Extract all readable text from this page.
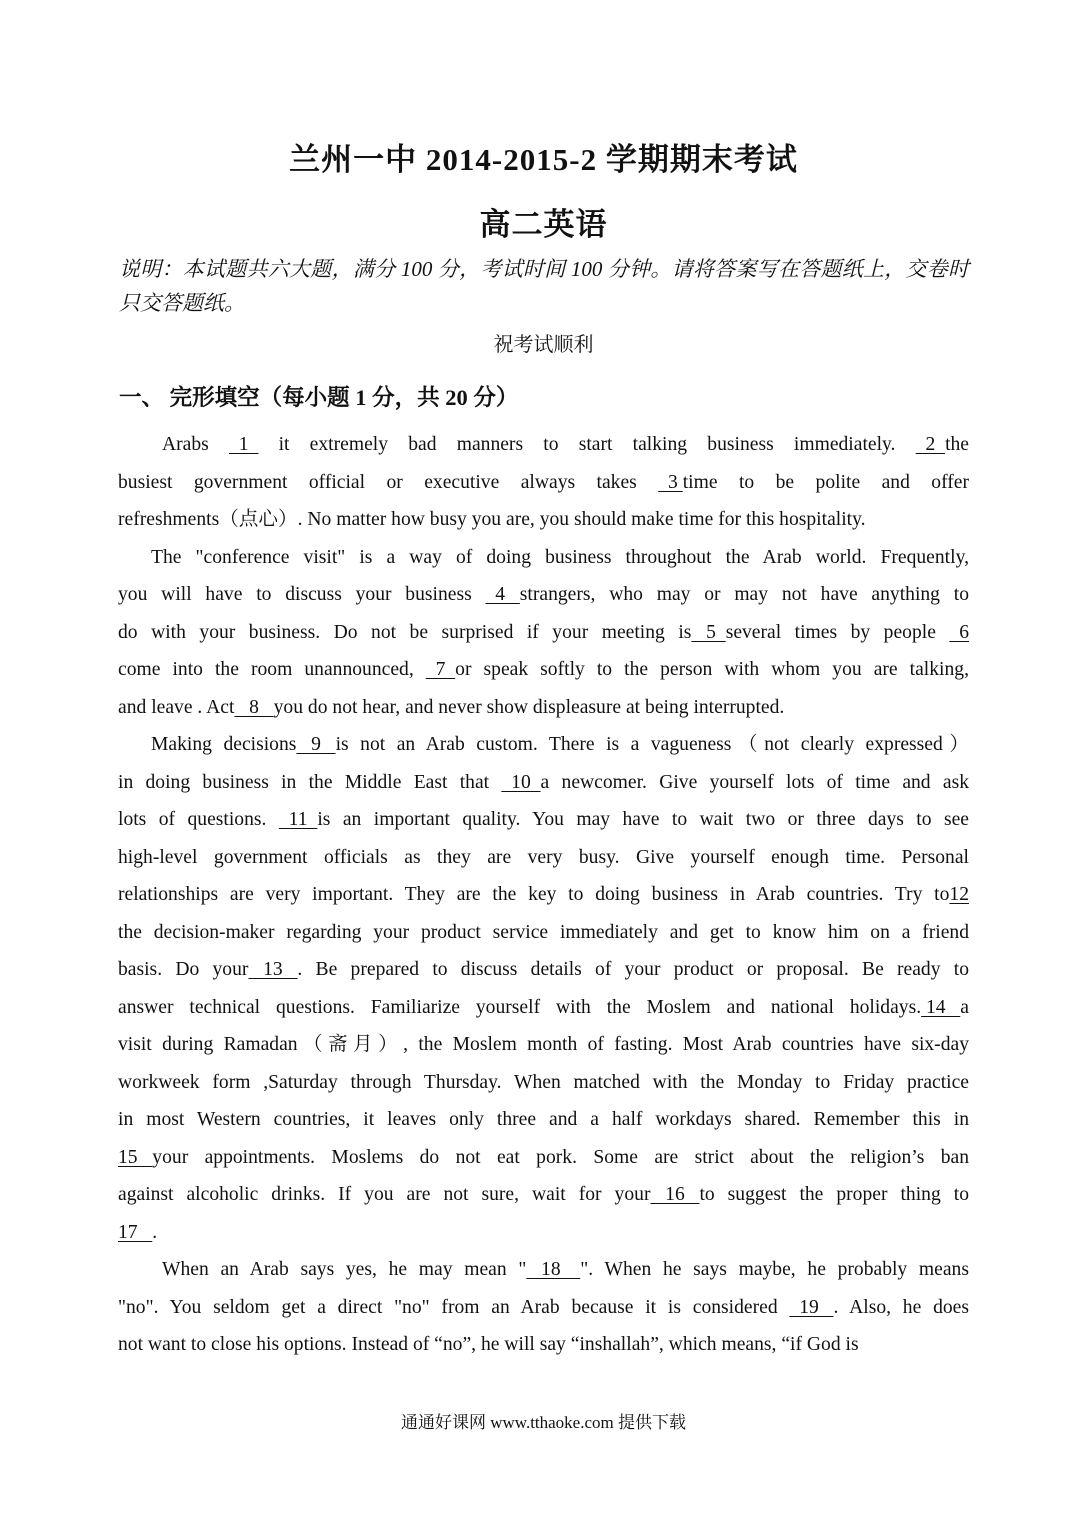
兰州一中 2014-2015-2 学期期末考试
高二英语
说明：本试题共六大题，满分 100 分，考试时间 100 分钟。请将答案写在答题纸上，交卷时只交答题纸。
祝考试顺利
一、 完形填空（每小题 1 分，共 20 分）
Arabs   1   it extremely bad manners to start talking business immediately.   2  the
busiest government official or executive always takes   3 time to be polite and offer
refreshments（点心）. No matter how busy you are, you should make time for this hospitality.
The "conference visit" is a way of doing business throughout the Arab world. Frequently,
you will have to discuss your business   4   strangers, who may or may not have anything to
do with your business. Do not be surprised if your meeting is   5  several times by people   6
come into the room unannounced,   7  or speak softly to the person with whom you are talking,
and leave . Act   8   you do not hear, and never show displeasure at being interrupted.
Making decisions   9   is not an Arab custom. There is a vagueness（not clearly expressed）
in doing business in the Middle East that   10  a newcomer. Give yourself lots of time and ask
lots of questions.   11  is an important quality. You may have to wait two or three days to see
high-level government officials as they are very busy. Give yourself enough time. Personal
relationships are very important. They are the key to doing business in Arab countries. Try to12
the decision-maker regarding your product service immediately and get to know him on a friend
basis. Do your   13   . Be prepared to discuss details of your product or proposal. Be ready to
answer technical questions. Familiarize yourself with the Moslem and national holidays. 14   a
visit during Ramadan（斋月）, the Moslem month of fasting. Most Arab countries have six-day
workweek form ,Saturday through Thursday. When matched with the Monday to Friday practice
in most Western countries, it leaves only three and a half workdays shared. Remember this in
15   your appointments. Moslems do not eat pork. Some are strict about the religion’s ban
against alcoholic drinks. If you are not sure, wait for your   16   to suggest the proper thing to
17   .
When an Arab says yes, he may mean "   18    ". When he says maybe, he probably means
"no". You seldom get a direct "no" from an Arab because it is considered   19   . Also, he does
not want to close his options. Instead of “no”, he will say “inshallah”, which means, “if God is
通通好课网 www.tthaoke.com 提供下载
